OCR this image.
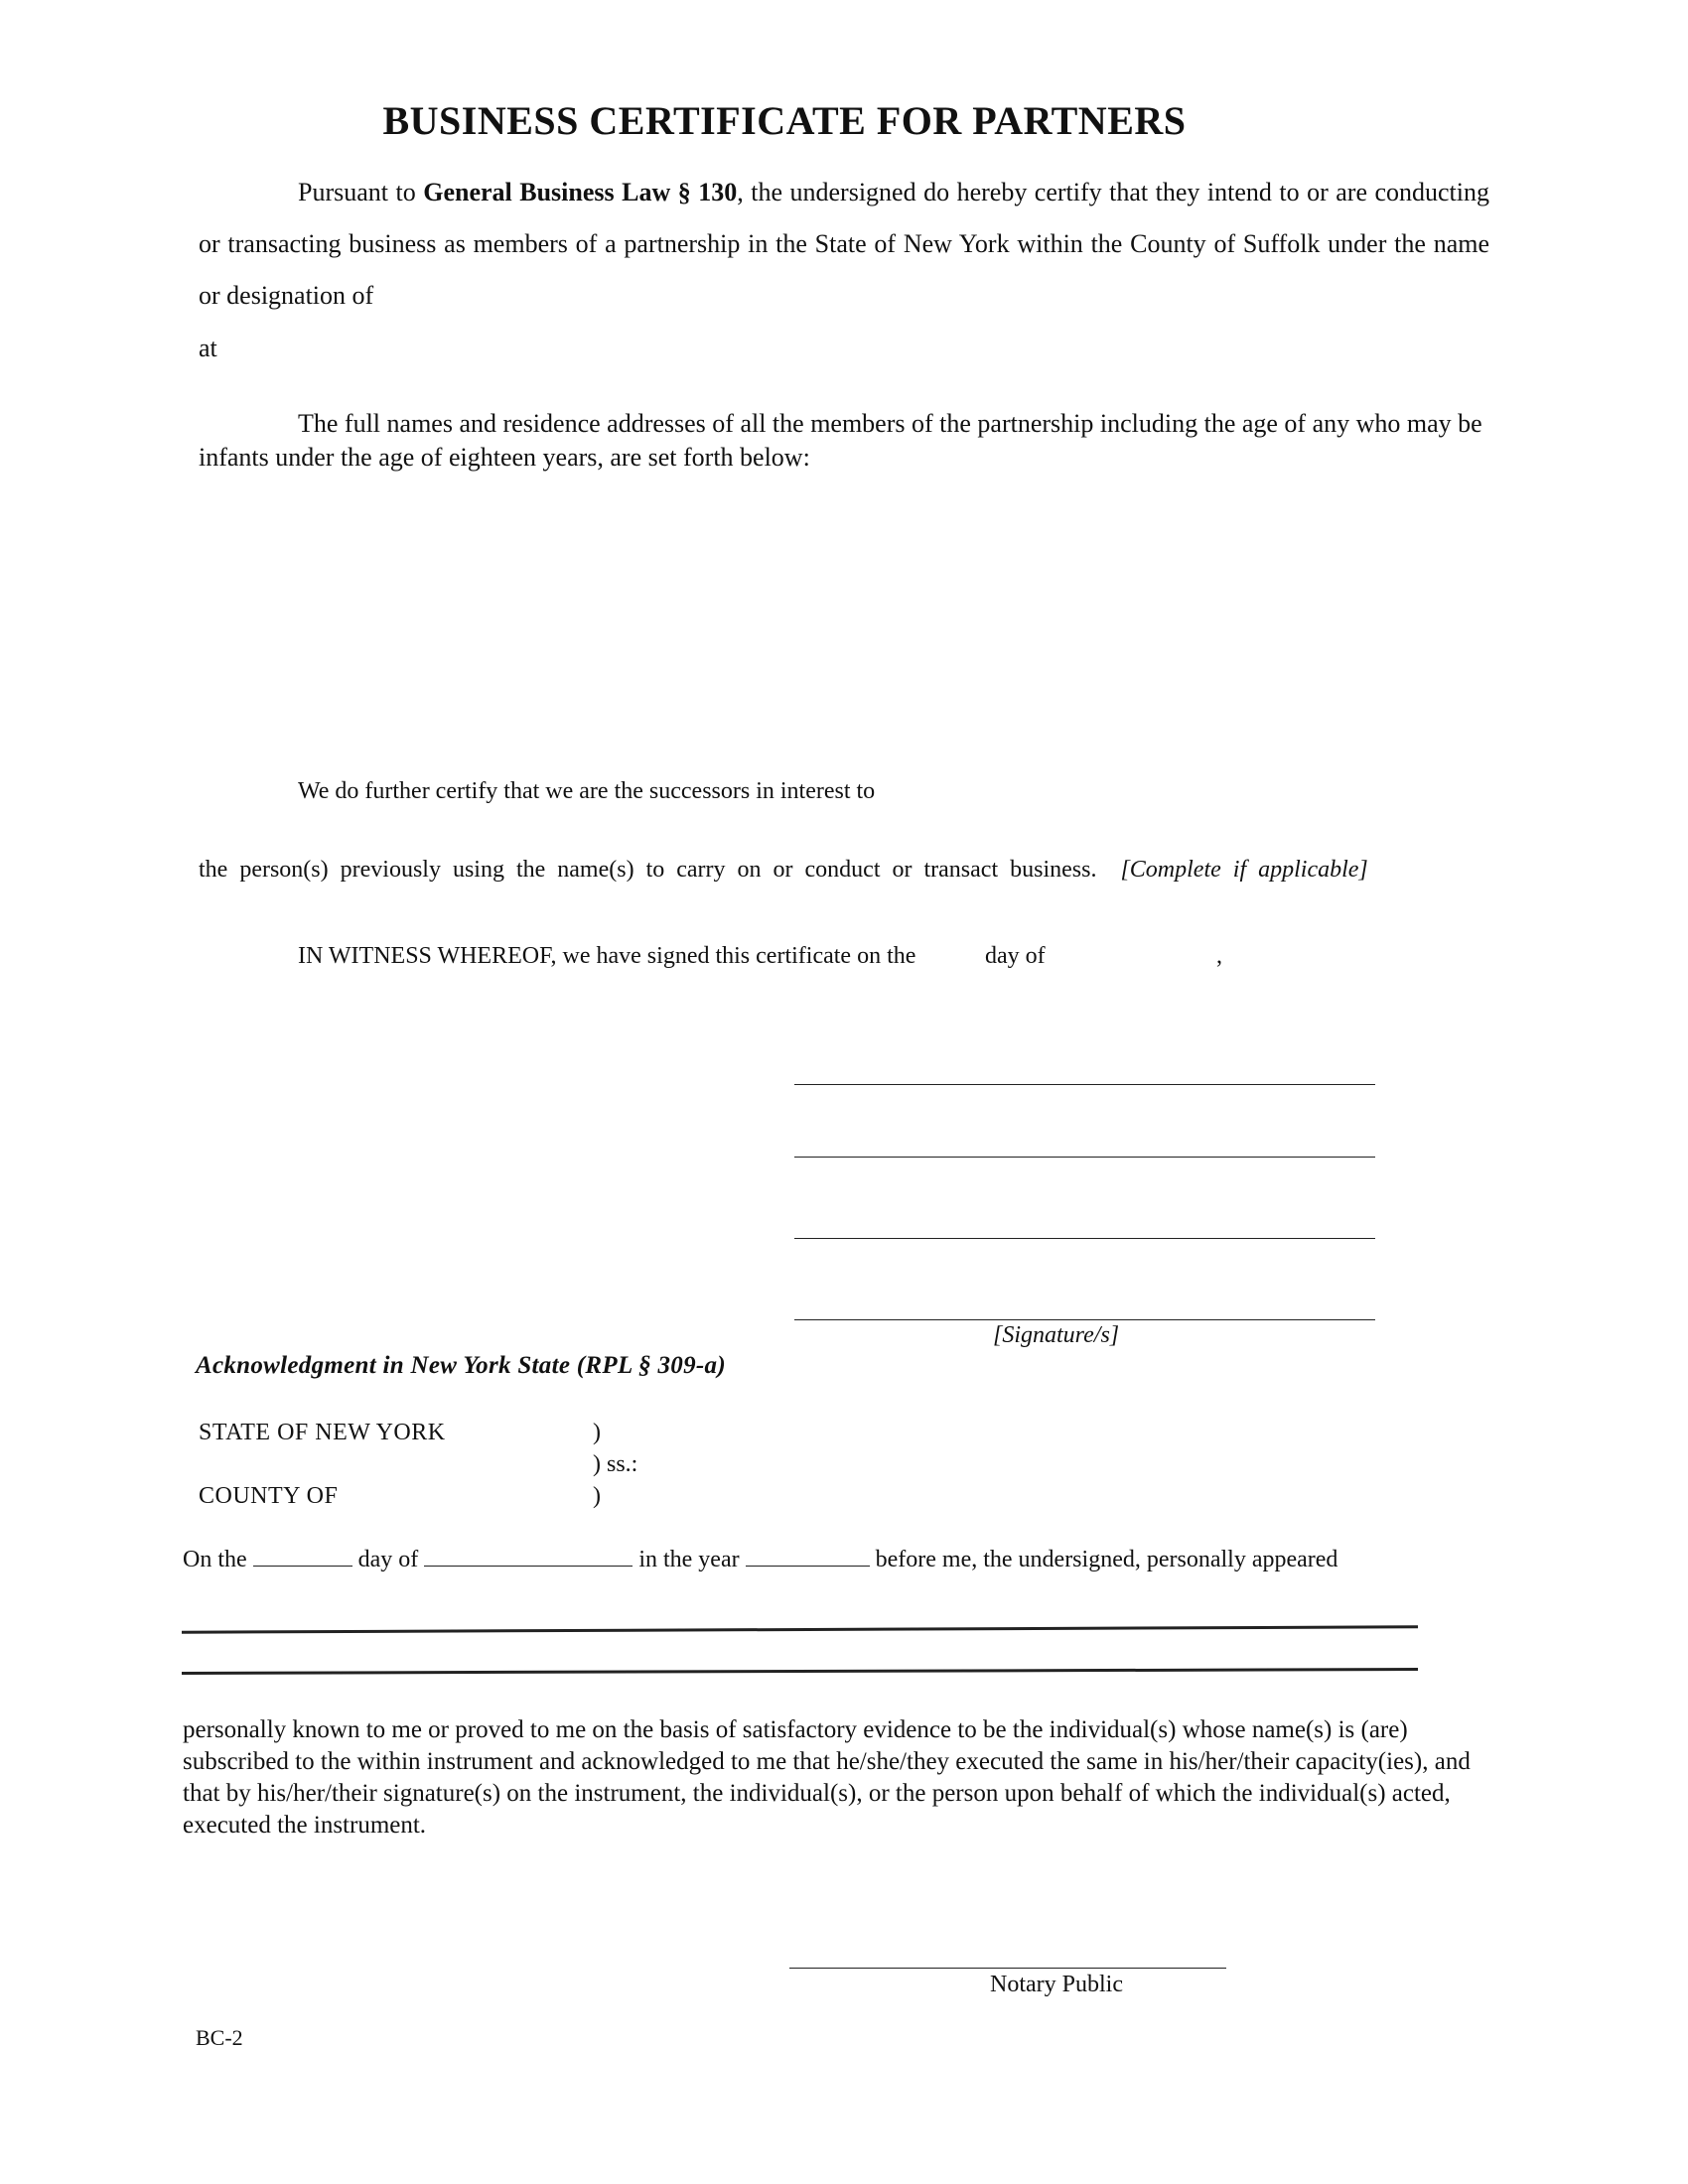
BUSINESS CERTIFICATE FOR PARTNERS
Pursuant to General Business Law § 130, the undersigned do hereby certify that they intend to or are conducting or transacting business as members of a partnership in the State of New York within the County of Suffolk under the name or designation of
at
The full names and residence addresses of all the members of the partnership including the age of any who may be infants under the age of eighteen years, are set forth below:
We do further certify that we are the successors in interest to
the person(s) previously using the name(s) to carry on or conduct or transact business. [Complete if applicable]
IN WITNESS WHEREOF, we have signed this certificate on the	day of	,
[Signature/s]
Acknowledgment in New York State (RPL § 309-a)
STATE OF NEW YORK	)
) ss.:
COUNTY OF	)
On the	day of	in the year	before me, the undersigned, personally appeared
personally known to me or proved to me on the basis of satisfactory evidence to be the individual(s) whose name(s) is (are) subscribed to the within instrument and acknowledged to me that he/she/they executed the same in his/her/their capacity(ies), and that by his/her/their signature(s) on the instrument, the individual(s), or the person upon behalf of which the individual(s) acted, executed the instrument.
Notary Public
BC-2
